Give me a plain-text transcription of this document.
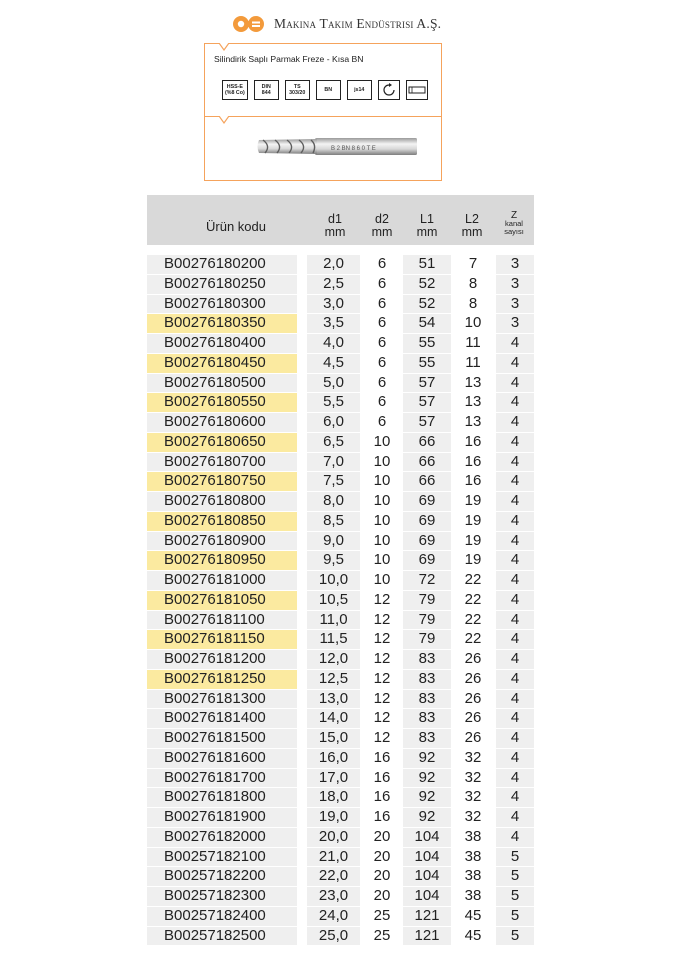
Makina Takım Endüstrisi A.Ş.
Silindirik Saplı Parmak Freze - Kısa BN
HSS-E
(%8 Co)
DIN
844
TS
303/20	BN	js14
B 2 BN 8 6 0 T E
Ürün kodu	d1
mm
d2
mm
L1
mm
L2
mm
Z
kanal
sayısı
B00276180200	2,0	6	51	7	3
B00276180250	2,5	6	52	8	3
B00276180300	3,0	6	52	8	3
B00276180350	3,5	6	54	10	3
B00276180400	4,0	6	55	11	4
B00276180450	4,5	6	55	11	4
B00276180500	5,0	6	57	13	4
B00276180550	5,5	6	57	13	4
B00276180600	6,0	6	57	13	4
B00276180650	6,5	10	66	16	4
B00276180700	7,0	10	66	16	4
B00276180750	7,5	10	66	16	4
B00276180800	8,0	10	69	19	4
B00276180850	8,5	10	69	19	4
B00276180900	9,0	10	69	19	4
B00276180950	9,5	10	69	19	4
B00276181000	10,0	10	72	22	4
B00276181050	10,5	12	79	22	4
B00276181100	11,0	12	79	22	4
B00276181150	11,5	12	79	22	4
B00276181200	12,0	12	83	26	4
B00276181250	12,5	12	83	26	4
B00276181300	13,0	12	83	26	4
B00276181400	14,0	12	83	26	4
B00276181500	15,0	12	83	26	4
B00276181600	16,0	16	92	32	4
B00276181700	17,0	16	92	32	4
B00276181800	18,0	16	92	32	4
B00276181900	19,0	16	92	32	4
B00276182000	20,0	20	104	38	4
B00257182100	21,0	20	104	38	5
B00257182200	22,0	20	104	38	5
B00257182300	23,0	20	104	38	5
B00257182400	24,0	25	121	45	5
B00257182500	25,0	25	121	45	5
